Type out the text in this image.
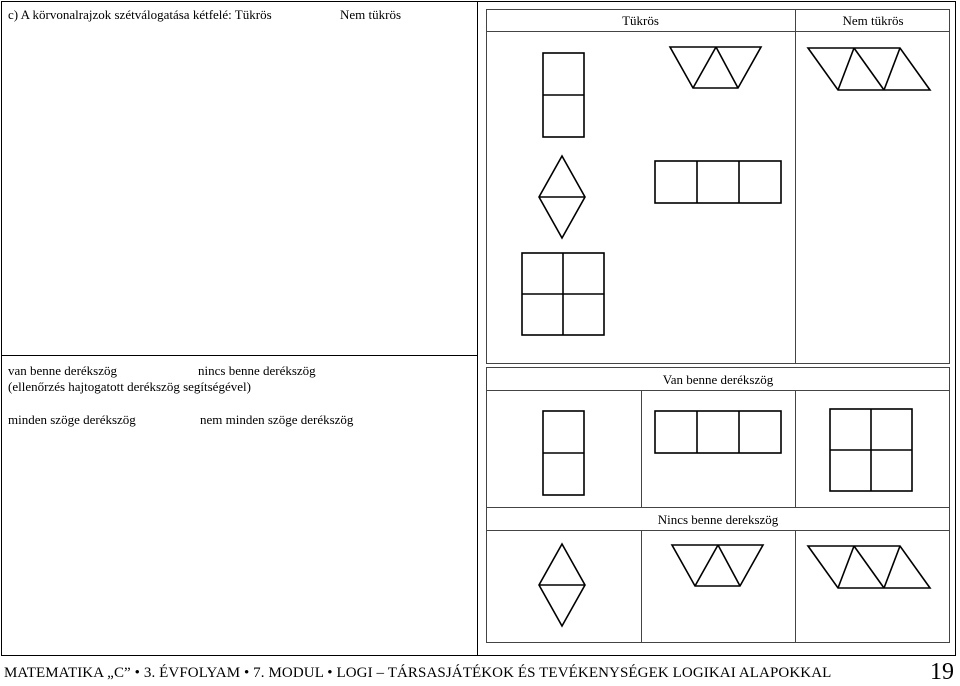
c) A körvonalrajzok szétválogatása kétfelé: Tükrös	Nem tükrös
van benne derékszög	nincs benne derékszög
(ellenőrzés hajtogatott derékszög segítségével)
minden szöge derékszög	nem minden szöge derékszög
Tükrös	Nem tükrös
Van benne derékszög
Nincs benne derekszög
MATEMATIKA „C” • 3. ÉVFOLYAM • 7. MODUL • LOGI – TÁRSASJÁTÉKOK ÉS TEVÉKENYSÉGEK LOGIKAI ALAPOKKAL	19
